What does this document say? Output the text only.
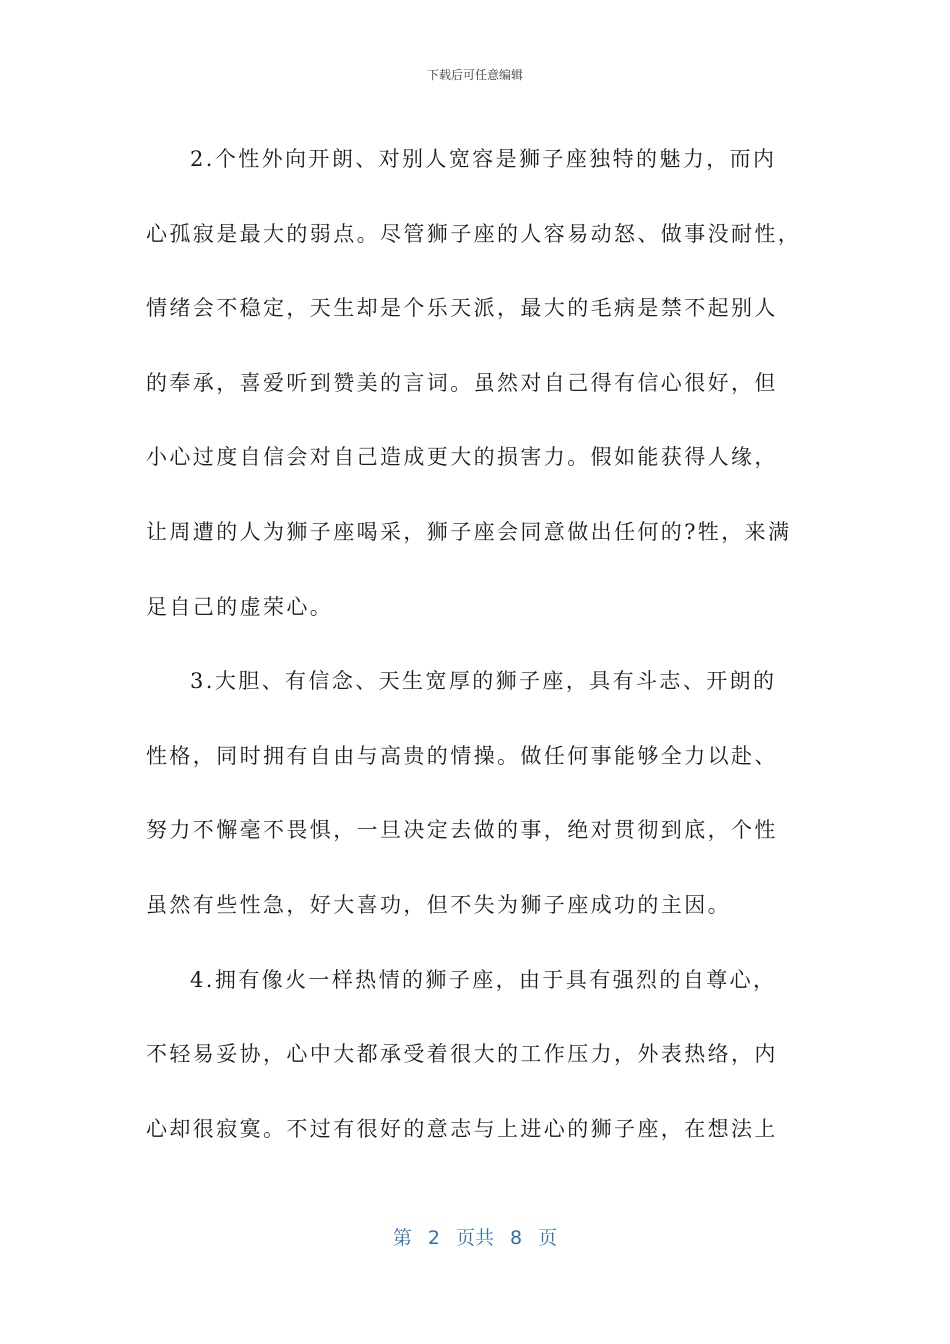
下载后可任意编辑
2.个性外向开朗、对别人宽容是狮子座独特的魅力，而内
心孤寂是最大的弱点。尽管狮子座的人容易动怒、做事没耐性，
情绪会不稳定，天生却是个乐天派，最大的毛病是禁不起别人
的奉承，喜爱听到赞美的言词。虽然对自己得有信心很好，但
小心过度自信会对自己造成更大的损害力。假如能获得人缘，
让周遭的人为狮子座喝采，狮子座会同意做出任何的?牲，来满
足自己的虚荣心。
3.大胆、有信念、天生宽厚的狮子座，具有斗志、开朗的
性格，同时拥有自由与高贵的情操。做任何事能够全力以赴、
努力不懈毫不畏惧，一旦决定去做的事，绝对贯彻到底，个性
虽然有些性急，好大喜功，但不失为狮子座成功的主因。
4.拥有像火一样热情的狮子座，由于具有强烈的自尊心，
不轻易妥协，心中大都承受着很大的工作压力，外表热络，内
心却很寂寞。不过有很好的意志与上进心的狮子座，在想法上
第 2 页共 8 页
